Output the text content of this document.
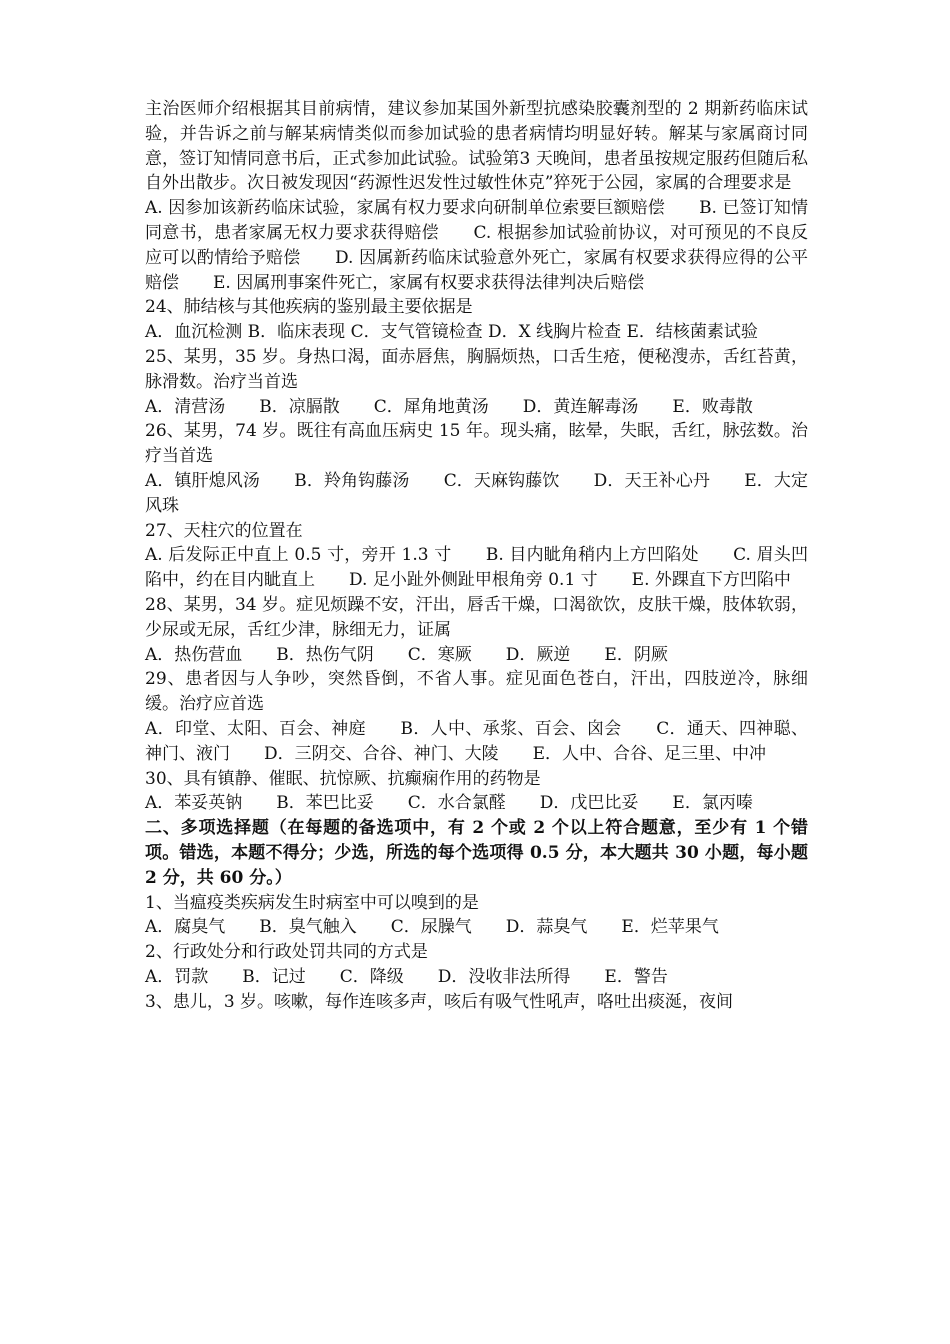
主治医师介绍根据其目前病情，建议参加某国外新型抗感染胶囊剂型的 2 期新药临床试验，并告诉之前与解某病情类似而参加试验的患者病情均明显好转。解某与家属商讨同意，签订知情同意书后，正式参加此试验。试验第3 天晚间，患者虽按规定服药但随后私自外出散步。次日被发现因“药源性迟发性过敏性休克”猝死于公园，家属的合理要求是

A. 因参加该新药临床试验，家属有权力要求向研制单位索要巨额赔偿　　B. 已签订知情同意书，患者家属无权力要求获得赔偿　　C. 根据参加试验前协议，对可预见的不良反应可以酌情给予赔偿　　D. 因属新药临床试验意外死亡，家属有权要求获得应得的公平赔偿　　E. 因属刑事案件死亡，家属有权要求获得法律判决后赔偿

24、肺结核与其他疾病的鉴别最主要依据是

A．血沉检测 B．临床表现 C．支气管镜检查 D．X 线胸片检查 E．结核菌素试验

25、某男，35 岁。身热口渴，面赤唇焦，胸膈烦热，口舌生疮，便秘溲赤，舌红苔黄，脉滑数。治疗当首选

A．清营汤　　B．凉膈散　　C．犀角地黄汤　　D．黄连解毒汤　　E．败毒散

26、某男，74 岁。既往有高血压病史 15 年。现头痛，眩晕，失眠，舌红，脉弦数。治疗当首选

A．镇肝熄风汤　　B．羚角钩藤汤　　C．天麻钩藤饮　　D．天王补心丹　　E．大定风珠

27、天柱穴的位置在

A. 后发际正中直上 0.5 寸，旁开 1.3 寸　　B. 目内眦角稍内上方凹陷处　　C. 眉头凹陷中，约在目内眦直上　　D. 足小趾外侧趾甲根角旁 0.1 寸　　E. 外踝直下方凹陷中

28、某男，34 岁。症见烦躁不安，汗出，唇舌干燥，口渴欲饮，皮肤干燥，肢体软弱，少尿或无尿，舌红少津，脉细无力，证属

A．热伤营血　　B．热伤气阴　　C．寒厥　　D．厥逆　　E．阴厥

29、患者因与人争吵，突然昏倒，不省人事。症见面色苍白，汗出，四肢逆冷，脉细缓。治疗应首选

A．印堂、太阳、百会、神庭　　B．人中、承浆、百会、囟会　　C．通天、四神聪、神门、液门　　D．三阴交、合谷、神门、大陵　　E．人中、合谷、足三里、中冲

30、具有镇静、催眠、抗惊厥、抗癫痫作用的药物是

A．苯妥英钠　　B．苯巴比妥　　C．水合氯醛　　D．戊巴比妥　　E．氯丙嗪

二、多项选择题（在每题的备选项中，有 2 个或 2 个以上符合题意，至少有 1 个错项。错选，本题不得分；少选，所选的每个选项得 0.5 分，本大题共 30 小题，每小题 2 分，共 60 分。）

1、当瘟疫类疾病发生时病室中可以嗅到的是

A．腐臭气　　B．臭气触入　　C．尿臊气　　D．蒜臭气　　E．烂苹果气

2、行政处分和行政处罚共同的方式是

A．罚款　　B．记过　　C．降级　　D．没收非法所得　　E．警告

3、患儿，3 岁。咳嗽，每作连咳多声，咳后有吸气性吼声，咯吐出痰涎，夜间
